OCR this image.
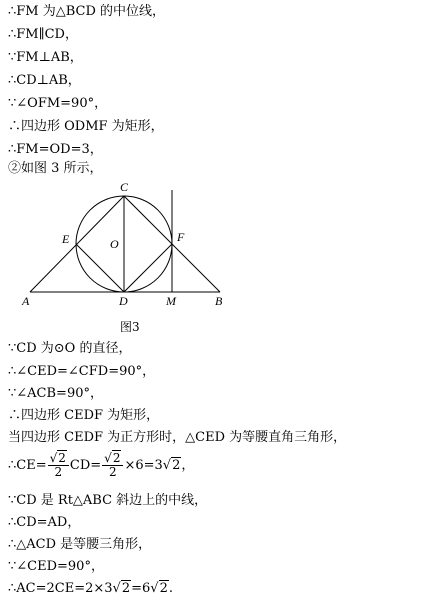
∴FM 为△BCD 的中位线，
∴FM∥CD，
∵FM⊥AB，
∴CD⊥AB，
∵∠OFM=90°，
∴四边形 ODMF 为矩形，
∴FM=OD=3，
②如图 3 所示，
C
E	F
O
A	D	M	B
图3
∵CD 为⊙O 的直径，
∴∠CED=∠CFD=90°，
∵∠ACB=90°，
∴四边形 CEDF 为矩形，
当四边形 CEDF 为正方形时，△CED 为等腰直角三角形，
∴CE= $\frac{√2}{2} CD= \frac{√2}{2} \times 6=3√2$，
∵CD 是 Rt△ABC 斜边上的中线，
∴CD=AD，
∴△ACD 是等腰三角形，
∵∠CED=90°，
∴AC=2CE=2×3√2=6√2.
